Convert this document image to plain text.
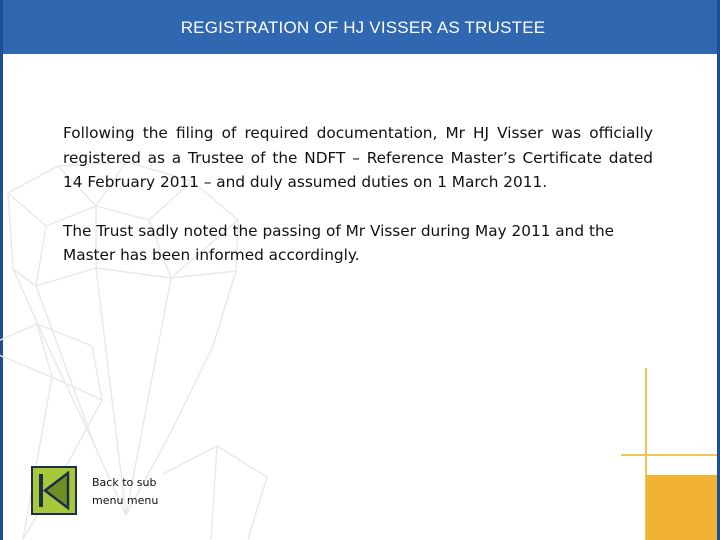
REGISTRATION OF HJ VISSER AS TRUSTEE

Following the filing of required documentation, Mr HJ Visser was officially registered as a Trustee of the NDFT – Reference Master’s Certificate dated 14 February 2011 – and duly assumed duties on 1 March 2011.

The Trust sadly noted the passing of Mr Visser during May 2011 and the Master has been informed accordingly.

Back to sub menu menu
